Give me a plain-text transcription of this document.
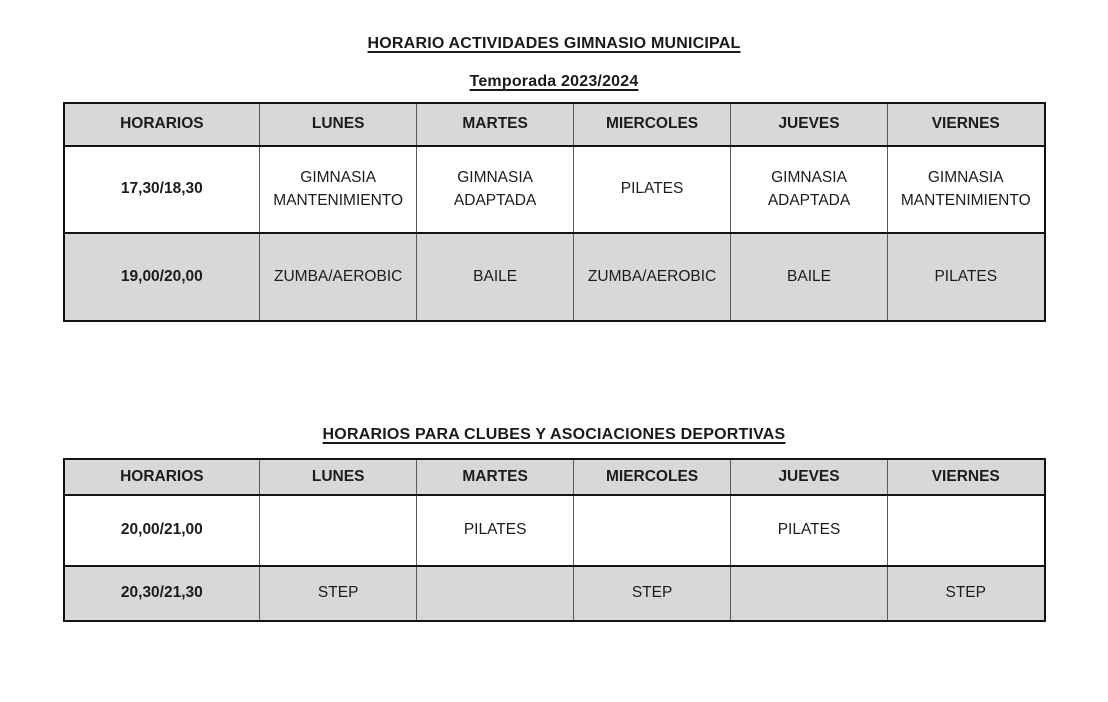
HORARIO ACTIVIDADES GIMNASIO MUNICIPAL
Temporada 2023/2024
HORARIOS	LUNES	MARTES	MIERCOLES	JUEVES	VIERNES
17,30/18,30	GIMNASIA MANTENIMIENTO	GIMNASIA ADAPTADA	PILATES	GIMNASIA ADAPTADA	GIMNASIA MANTENIMIENTO
19,00/20,00	ZUMBA/AEROBIC	BAILE	ZUMBA/AEROBIC	BAILE	PILATES
HORARIOS PARA CLUBES Y ASOCIACIONES DEPORTIVAS
HORARIOS	LUNES	MARTES	MIERCOLES	JUEVES	VIERNES
20,00/21,00		PILATES		PILATES	
20,30/21,30	STEP		STEP		STEP
